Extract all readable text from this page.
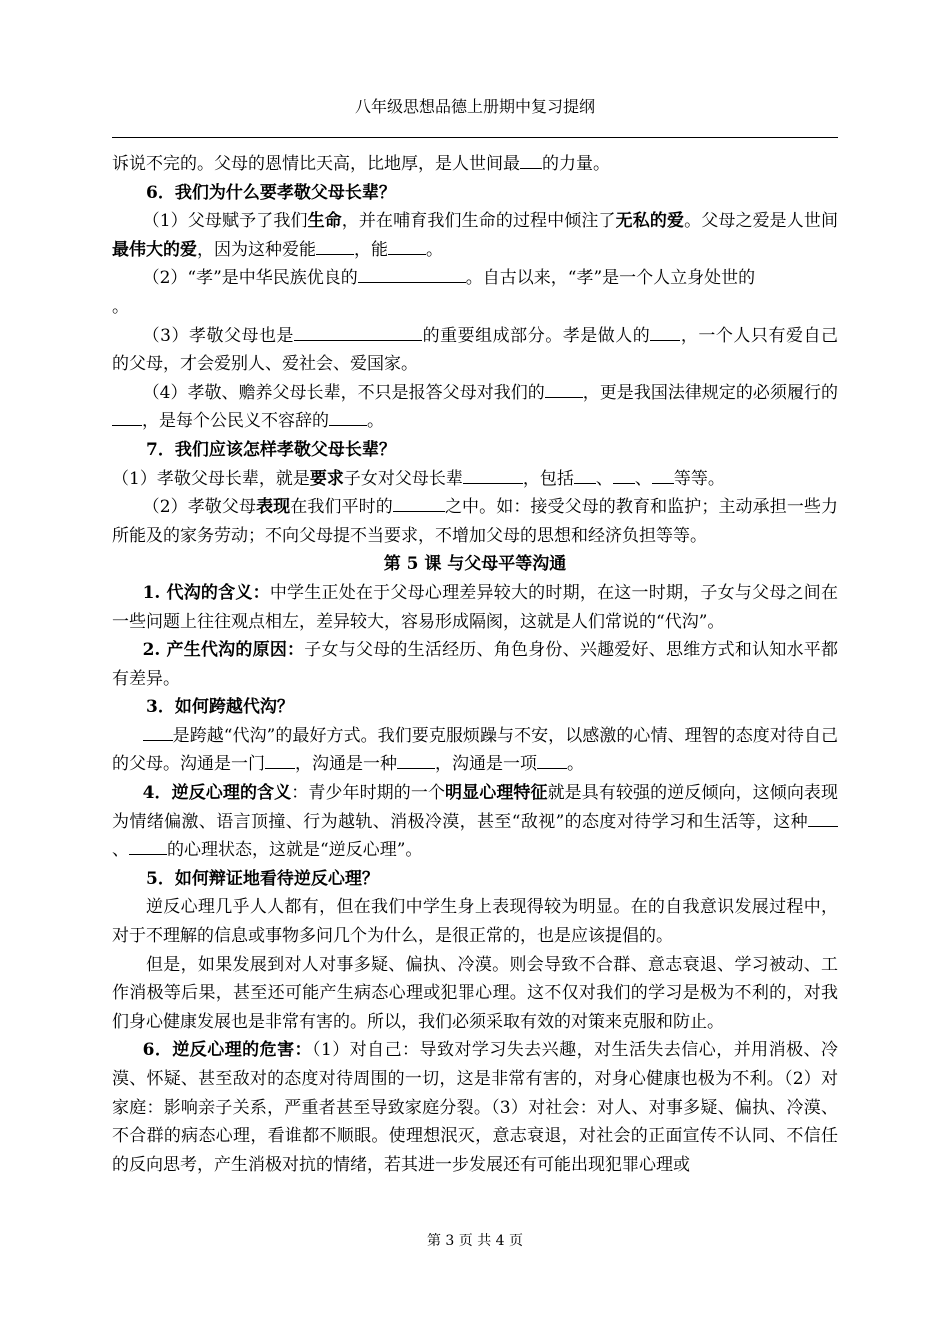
八年级思想品德上册期中复习提纲

诉说不完的。父母的恩情比天高，比地厚，是人世间最 的力量。

6．我们为什么要孝敬父母长辈？

（1）父母赋予了我们生命，并在哺育我们生命的过程中倾注了无私的爱。父母之爱是人世间最伟大的爱，因为这种爱能 ，能 。

（2）“孝”是中华民族优良的	。自古以来，“孝”是一个人立身处世的
。

（3）孝敬父母也是	的重要组成部分。孝是做人的 ，一个人只有爱自己的父母，才会爱别人、爱社会、爱国家。

（4）孝敬、赡养父母长辈，不只是报答父母对我们的 ，更是我国法律规定的必须履行的，是每个公民义不容辞的 。

7．我们应该怎样孝敬父母长辈？

（1）孝敬父母长辈，就是要求子女对父母长辈	，包括 、 、 等等。

（2）孝敬父母表现在我们平时的	之中。如：接受父母的教育和监护；主动承担一些力所能及的家务劳动；不向父母提不当要求，不增加父母的思想和经济负担等等。

第 5 课 与父母平等沟通

1. 代沟的含义：中学生正处在于父母心理差异较大的时期，在这一时期，子女与父母之间在一些问题上往往观点相左，差异较大，容易形成隔阂，这就是人们常说的“代沟”。

2. 产生代沟的原因：子女与父母的生活经历、角色身份、兴趣爱好、思维方式和认知水平都有差异。

3．如何跨越代沟？

是跨越“代沟”的最好方式。我们要克服烦躁与不安，以感激的心情、理智的态度对待自己的父母。沟通是一门 ，沟通是一种 ，沟通是一项 。

4．逆反心理的含义：青少年时期的一个明显心理特征就是具有较强的逆反倾向，这倾向表现为情绪偏激、语言顶撞、行为越轨、消极冷漠，甚至“敌视”的态度对待学习和生活等，这种、 的心理状态，这就是“逆反心理”。

5．如何辩证地看待逆反心理？

逆反心理几乎人人都有，但在我们中学生身上表现得较为明显。在的自我意识发展过程中，对于不理解的信息或事物多问几个为什么，是很正常的，也是应该提倡的。

但是，如果发展到对人对事多疑、偏执、冷漠。则会导致不合群、意志衰退、学习被动、工作消极等后果，甚至还可能产生病态心理或犯罪心理。这不仅对我们的学习是极为不利的，对我们身心健康发展也是非常有害的。所以，我们必须采取有效的对策来克服和防止。

6．逆反心理的危害：（1）对自己：导致对学习失去兴趣，对生活失去信心，并用消极、冷漠、怀疑、甚至敌对的态度对待周围的一切，这是非常有害的，对身心健康也极为不利。（2）对家庭：影响亲子关系，严重者甚至导致家庭分裂。（3）对社会：对人、对事多疑、偏执、冷漠、不合群的病态心理，看谁都不顺眼。使理想泯灭，意志衰退，对社会的正面宣传不认同、不信任的反向思考，产生消极对抗的情绪，若其进一步发展还有可能出现犯罪心理或

第 3 页 共 4 页
